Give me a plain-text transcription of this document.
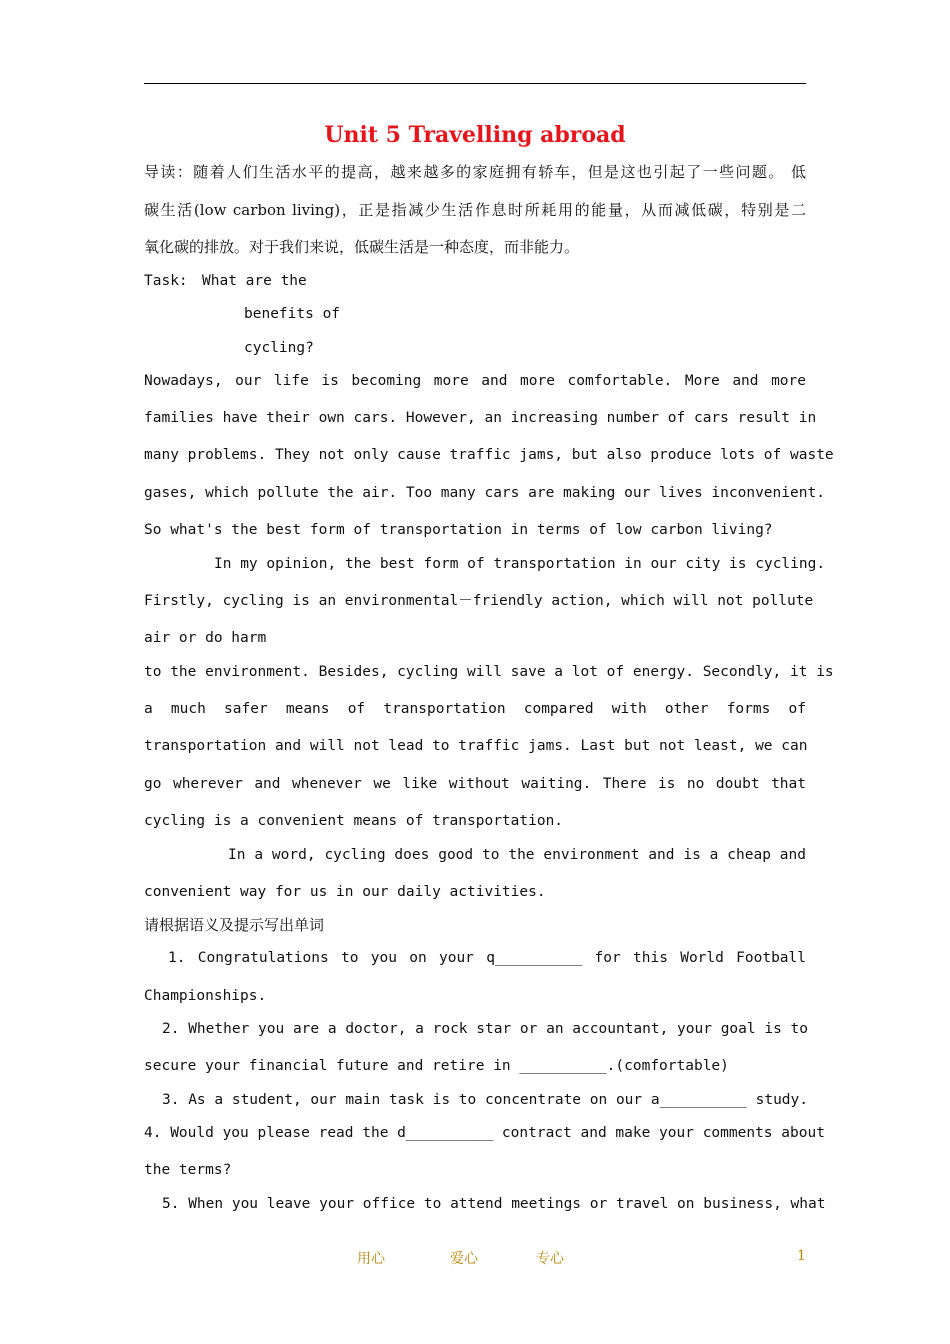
Unit 5 Travelling abroad
导读：随着人们生活水平的提高，越来越多的家庭拥有轿车，但是这也引起了一些问题。 低
碳生活(low carbon living)，正是指减少生活作息时所耗用的能量，从而减低碳，特别是二
氧化碳的排放。对于我们来说，低碳生活是一种态度，而非能力。
Task: What are the
benefits of
cycling?
Nowadays, our life is becoming more and more comfortable. More and more
families have their own cars. However, an increasing number of cars result in
many problems. They not only cause traffic jams, but also produce lots of waste
gases, which pollute the air. Too many cars are making our lives inconvenient.
So what's the best form of transportation in terms of low carbon living?
In my opinion, the best form of transportation in our city is cycling.
Firstly, cycling is an environmental－friendly action, which will not pollute
air or do harm
to the environment. Besides, cycling will save a lot of energy. Secondly, it is
a much safer means of transportation compared with other forms of
transportation and will not lead to traffic jams. Last but not least, we can
go wherever and whenever we like without waiting. There is no doubt that
cycling is a convenient means of transportation.
In a word, cycling does good to the environment and is a cheap and
convenient way for us in our daily activities.
请根据语义及提示写出单词
1. Congratulations to you on your q__________ for this World Football
Championships.
2. Whether you are a doctor, a rock star or an accountant, your goal is to
secure your financial future and retire in __________.(comfortable)
3. As a student, our main task is to concentrate on our a__________ study.
4. Would you please read the d__________ contract and make your comments about
the terms?
5. When you leave your office to attend meetings or travel on business, what
用心	爱心	专心	1
